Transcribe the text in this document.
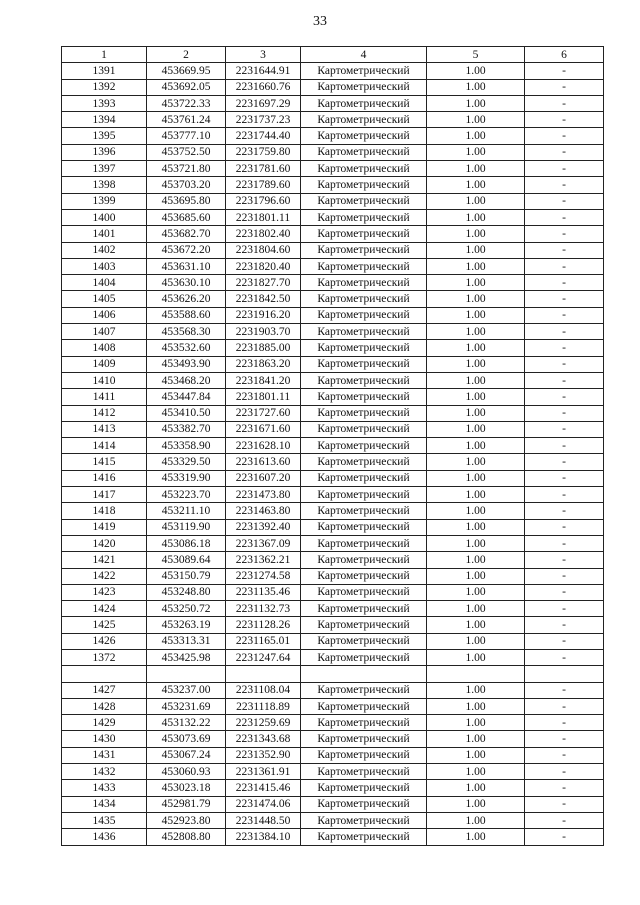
33
1	2	3	4	5	6
1391	453669.95	2231644.91	Картометрический	1.00	-
1392	453692.05	2231660.76	Картометрический	1.00	-
1393	453722.33	2231697.29	Картометрический	1.00	-
1394	453761.24	2231737.23	Картометрический	1.00	-
1395	453777.10	2231744.40	Картометрический	1.00	-
1396	453752.50	2231759.80	Картометрический	1.00	-
1397	453721.80	2231781.60	Картометрический	1.00	-
1398	453703.20	2231789.60	Картометрический	1.00	-
1399	453695.80	2231796.60	Картометрический	1.00	-
1400	453685.60	2231801.11	Картометрический	1.00	-
1401	453682.70	2231802.40	Картометрический	1.00	-
1402	453672.20	2231804.60	Картометрический	1.00	-
1403	453631.10	2231820.40	Картометрический	1.00	-
1404	453630.10	2231827.70	Картометрический	1.00	-
1405	453626.20	2231842.50	Картометрический	1.00	-
1406	453588.60	2231916.20	Картометрический	1.00	-
1407	453568.30	2231903.70	Картометрический	1.00	-
1408	453532.60	2231885.00	Картометрический	1.00	-
1409	453493.90	2231863.20	Картометрический	1.00	-
1410	453468.20	2231841.20	Картометрический	1.00	-
1411	453447.84	2231801.11	Картометрический	1.00	-
1412	453410.50	2231727.60	Картометрический	1.00	-
1413	453382.70	2231671.60	Картометрический	1.00	-
1414	453358.90	2231628.10	Картометрический	1.00	-
1415	453329.50	2231613.60	Картометрический	1.00	-
1416	453319.90	2231607.20	Картометрический	1.00	-
1417	453223.70	2231473.80	Картометрический	1.00	-
1418	453211.10	2231463.80	Картометрический	1.00	-
1419	453119.90	2231392.40	Картометрический	1.00	-
1420	453086.18	2231367.09	Картометрический	1.00	-
1421	453089.64	2231362.21	Картометрический	1.00	-
1422	453150.79	2231274.58	Картометрический	1.00	-
1423	453248.80	2231135.46	Картометрический	1.00	-
1424	453250.72	2231132.73	Картометрический	1.00	-
1425	453263.19	2231128.26	Картометрический	1.00	-
1426	453313.31	2231165.01	Картометрический	1.00	-
1372	453425.98	2231247.64	Картометрический	1.00	-

1427	453237.00	2231108.04	Картометрический	1.00	-
1428	453231.69	2231118.89	Картометрический	1.00	-
1429	453132.22	2231259.69	Картометрический	1.00	-
1430	453073.69	2231343.68	Картометрический	1.00	-
1431	453067.24	2231352.90	Картометрический	1.00	-
1432	453060.93	2231361.91	Картометрический	1.00	-
1433	453023.18	2231415.46	Картометрический	1.00	-
1434	452981.79	2231474.06	Картометрический	1.00	-
1435	452923.80	2231448.50	Картометрический	1.00	-
1436	452808.80	2231384.10	Картометрический	1.00	-
